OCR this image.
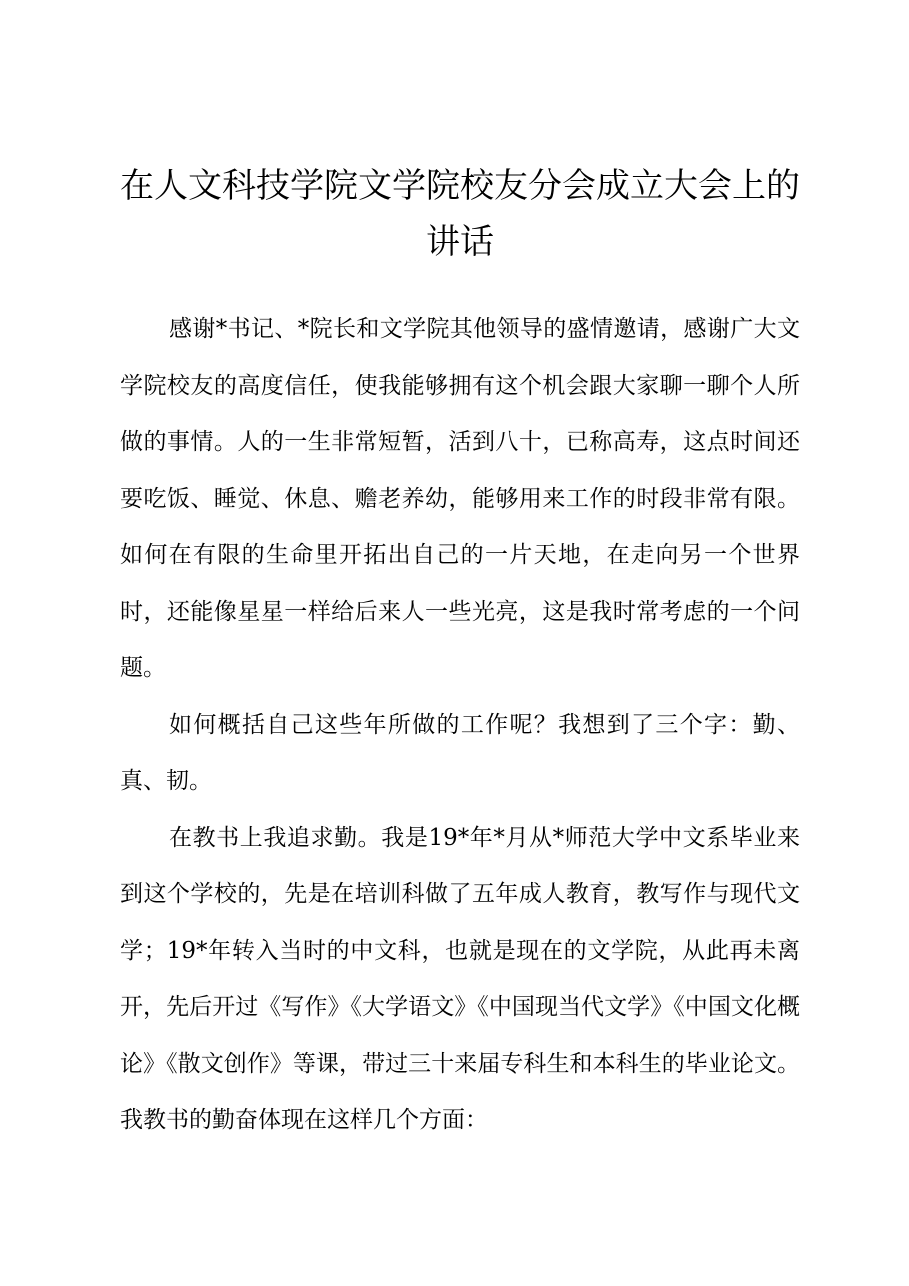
在人文科技学院文学院校友分会成立大会上的讲话

感谢*书记、*院长和文学院其他领导的盛情邀请，感谢广大文学院校友的高度信任，使我能够拥有这个机会跟大家聊一聊个人所做的事情。人的一生非常短暂，活到八十，已称高寿，这点时间还要吃饭、睡觉、休息、赡老养幼，能够用来工作的时段非常有限。如何在有限的生命里开拓出自己的一片天地，在走向另一个世界时，还能像星星一样给后来人一些光亮，这是我时常考虑的一个问题。

如何概括自己这些年所做的工作呢？我想到了三个字：勤、真、韧。

在教书上我追求勤。我是19*年*月从*师范大学中文系毕业来到这个学校的，先是在培训科做了五年成人教育，教写作与现代文学；19*年转入当时的中文科，也就是现在的文学院，从此再未离开，先后开过《写作》《大学语文》《中国现当代文学》《中国文化概论》《散文创作》等课，带过三十来届专科生和本科生的毕业论文。我教书的勤奋体现在这样几个方面：
